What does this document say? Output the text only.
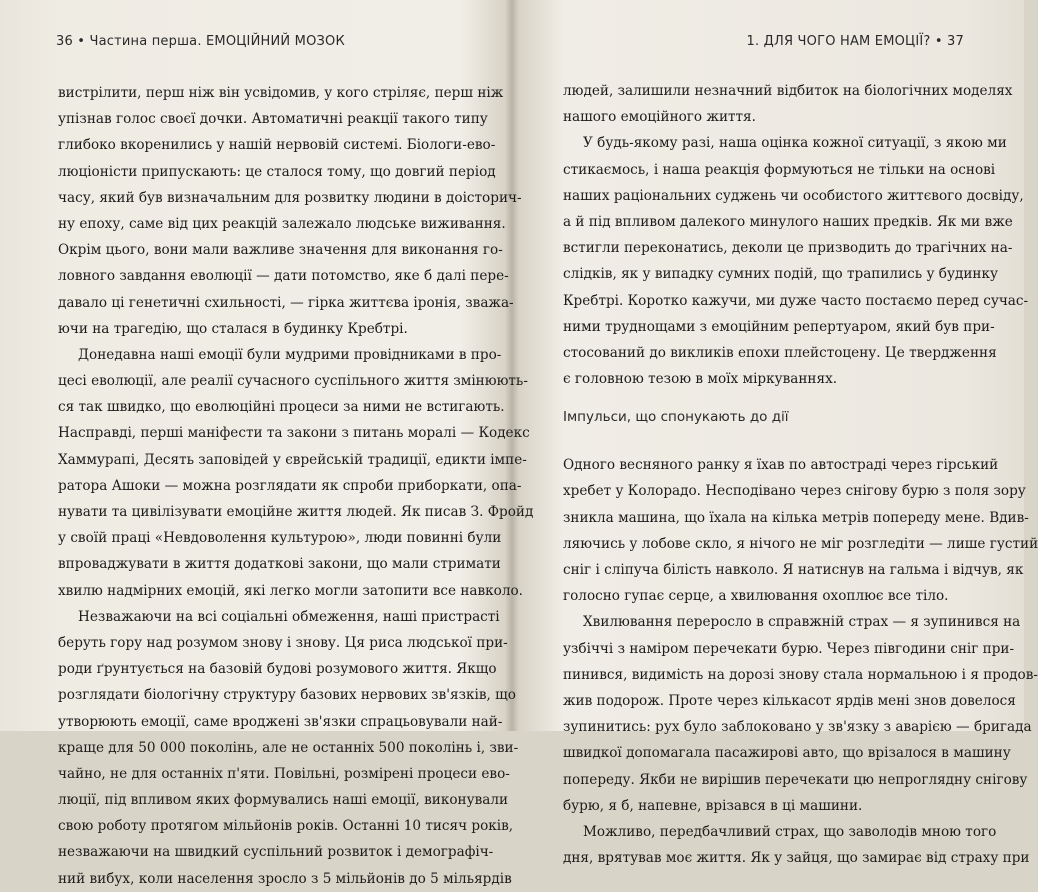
36 • Частина перша. ЕМОЦІЙНИЙ МОЗОК
вистрілити, перш ніж він усвідомив, у кого стріляє, перш ніж
упізнав голос своєї дочки. Автоматичні реакції такого типу
глибоко вкоренились у нашій нервовій системі. Біологи-ево-
люціоністи припускають: це сталося тому, що довгий період
часу, який був визначальним для розвитку людини в доісторич-
ну епоху, саме від цих реакцій залежало людське виживання.
Окрім цього, вони мали важливе значення для виконання го-
ловного завдання еволюції — дати потомство, яке б далі пере-
давало ці генетичні схильності, — гірка життєва іронія, зважа-
ючи на трагедію, що сталася в будинку Кребтрі.
Донедавна наші емоції були мудрими провідниками в про-
цесі еволюції, але реалії сучасного суспільного життя змінюють-
ся так швидко, що еволюційні процеси за ними не встигають.
Насправді, перші маніфести та закони з питань моралі — Кодекс
Хаммурапі, Десять заповідей у єврейській традиції, едикти імпе-
ратора Ашоки — можна розглядати як спроби приборкати, опа-
нувати та цивілізувати емоційне життя людей. Як писав З. Фройд
у своїй праці «Невдоволення культурою», люди повинні були
впроваджувати в життя додаткові закони, що мали стримати
хвилю надмірних емоцій, які легко могли затопити все навколо.
Незважаючи на всі соціальні обмеження, наші пристрасті
беруть гору над розумом знову і знову. Ця риса людської при-
роди ґрунтується на базовій будові розумового життя. Якщо
розглядати біологічну структуру базових нервових зв'язків, що
утворюють емоції, саме вроджені зв'язки спрацьовували най-
краще для 50 000 поколінь, але не останніх 500 поколінь і, зви-
чайно, не для останніх п'яти. Повільні, розмірені процеси ево-
люції, під впливом яких формувались наші емоції, виконували
свою роботу протягом мільйонів років. Останні 10 тисяч років,
незважаючи на швидкий суспільний розвиток і демографіч-
ний вибух, коли населення зросло з 5 мільйонів до 5 мільярдів
1. ДЛЯ ЧОГО НАМ ЕМОЦІЇ? • 37
людей, залишили незначний відбиток на біологічних моделях
нашого емоційного життя.
У будь-якому разі, наша оцінка кожної ситуації, з якою ми
стикаємось, і наша реакція формуються не тільки на основі
наших раціональних суджень чи особистого життєвого досвіду,
а й під впливом далекого минулого наших предків. Як ми вже
встигли переконатись, деколи це призводить до трагічних на-
слідків, як у випадку сумних подій, що трапились у будинку
Кребтрі. Коротко кажучи, ми дуже часто постаємо перед сучас-
ними труднощами з емоційним репертуаром, який був при-
стосований до викликів епохи плейстоцену. Це твердження
є головною тезою в моїх міркуваннях.
Імпульси, що спонукають до дії
Одного весняного ранку я їхав по автостраді через гірський
хребет у Колорадо. Несподівано через снігову бурю з поля зору
зникла машина, що їхала на кілька метрів попереду мене. Вдив-
ляючись у лобове скло, я нічого не міг розгледіти — лише густий
сніг і сліпуча білість навколо. Я натиснув на гальма і відчув, як
голосно гупає серце, а хвилювання охоплює все тіло.
Хвилювання переросло в справжній страх — я зупинився на
узбіччі з наміром перечекати бурю. Через півгодини сніг при-
пинився, видимість на дорозі знову стала нормальною і я продов-
жив подорож. Проте через кількасот ярдів мені знов довелося
зупинитись: рух було заблоковано у зв'язку з аварією — бригада
швидкої допомагала пасажирові авто, що врізалося в машину
попереду. Якби не вирішив перечекати цю непроглядну снігову
бурю, я б, напевне, врізався в ці машини.
Можливо, передбачливий страх, що заволодів мною того
дня, врятував моє життя. Як у зайця, що замирає від страху при
